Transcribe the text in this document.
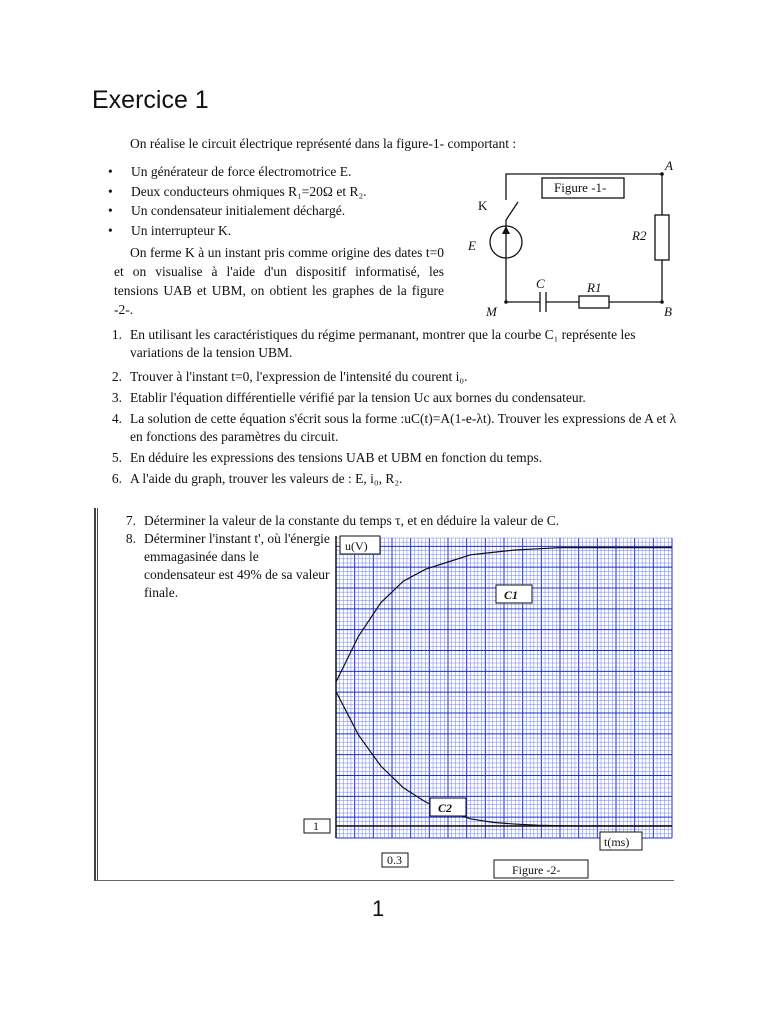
Exercice 1
On réalise le circuit électrique représenté dans la figure-1- comportant :
• Un générateur de force électromotrice E.
• Deux conducteurs ohmiques R₁=20Ω et R₂.
• Un condensateur initialement déchargé.
• Un interrupteur K.
On ferme K à un instant pris comme origine des dates t=0 et on visualise à l'aide d'un dispositif informatisé, les tensions UAB et UBM, on obtient les graphes de la figure -2-.
Figure -1-
A
B
M
K
E
C	R1
R2
1. En utilisant les caractéristiques du régime permanant, montrer que la courbe C₁ représente les variations de la tension UBM.
2. Trouver à l'instant t=0, l'expression de l'intensité du courent i₀.
3. Etablir l'équation différentielle vérifié par la tension Uc aux bornes du condensateur.
4. La solution de cette équation s'écrit sous la forme :uC(t)=A(1-e-λt). Trouver les expressions de A et λ en fonctions des paramètres du circuit.
5. En déduire les expressions des tensions UAB et UBM en fonction du temps.
6. A l'aide du graph, trouver les valeurs de : E, i₀, R₂.
7. Déterminer la valeur de la constante du temps τ, et en déduire la valeur de C.
8. Déterminer l'instant t', où l'énergie emmagasinée dans le condensateur est 49% de sa valeur finale.
u(V)
t(ms)
1
0.3
Figure -2-
C1
C2
1
